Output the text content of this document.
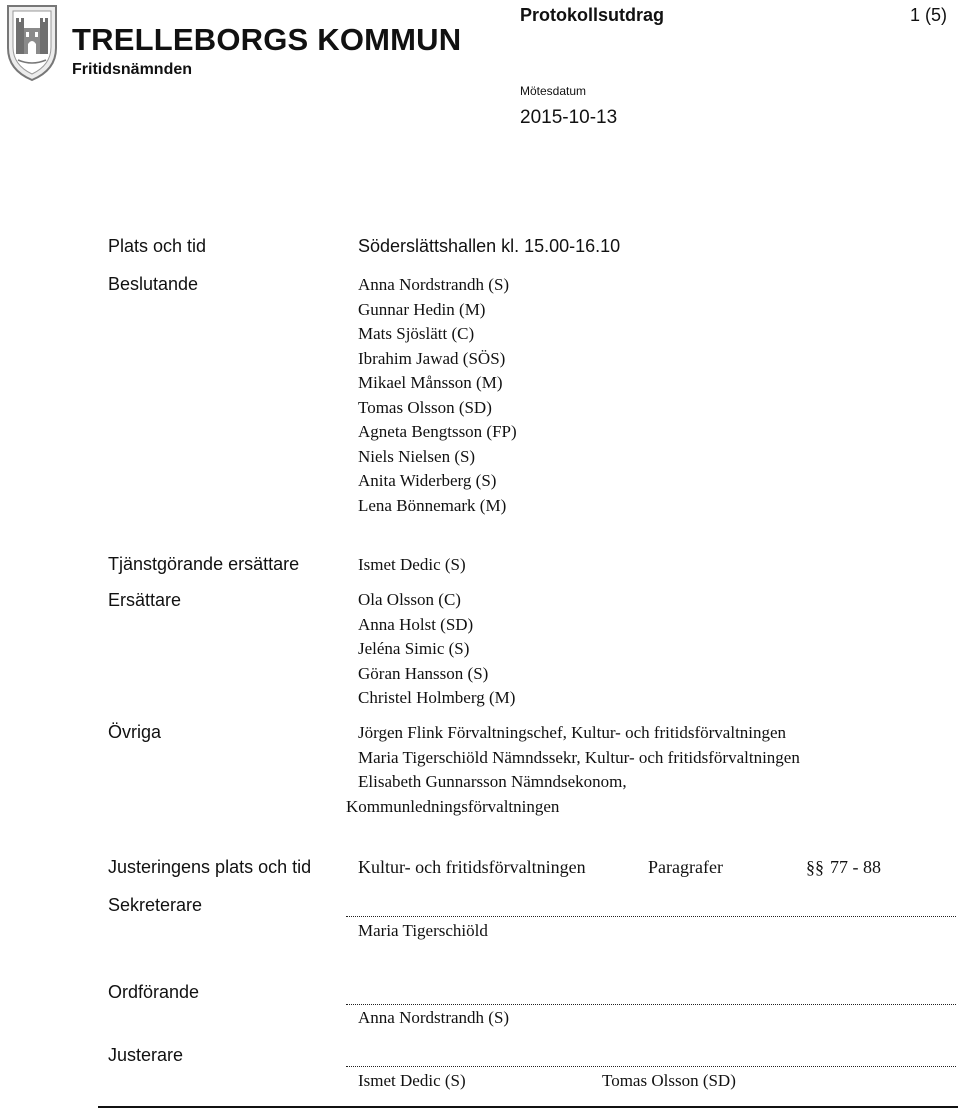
TRELLEBORGS KOMMUN
Fritidsnämnden
Protokollsutdrag	1 (5)
Mötesdatum
2015-10-13
Plats och tid	Söderslättshallen kl. 15.00-16.10
Beslutande	Anna Nordstrandh (S)
Gunnar Hedin (M)
Mats Sjöslätt (C)
Ibrahim Jawad (SÖS)
Mikael Månsson (M)
Tomas Olsson (SD)
Agneta Bengtsson (FP)
Niels Nielsen (S)
Anita Widerberg (S)
Lena Bönnemark (M)
Tjänstgörande ersättare	Ismet Dedic (S)
Ersättare	Ola Olsson (C)
Anna Holst (SD)
Jeléna Simic (S)
Göran Hansson (S)
Christel Holmberg (M)
Övriga	Jörgen Flink Förvaltningschef, Kultur- och fritidsförvaltningen
Maria Tigerschiöld Nämndssekr, Kultur- och fritidsförvaltningen
Elisabeth Gunnarsson Nämndsekonom,
Kommunledningsförvaltningen
Justeringens plats och tid	Kultur- och fritidsförvaltningen	Paragrafer	§§ 77 - 88
Sekreterare
Maria Tigerschiöld
Ordförande
Anna Nordstrandh (S)
Justerare
Ismet Dedic (S)	Tomas Olsson (SD)
